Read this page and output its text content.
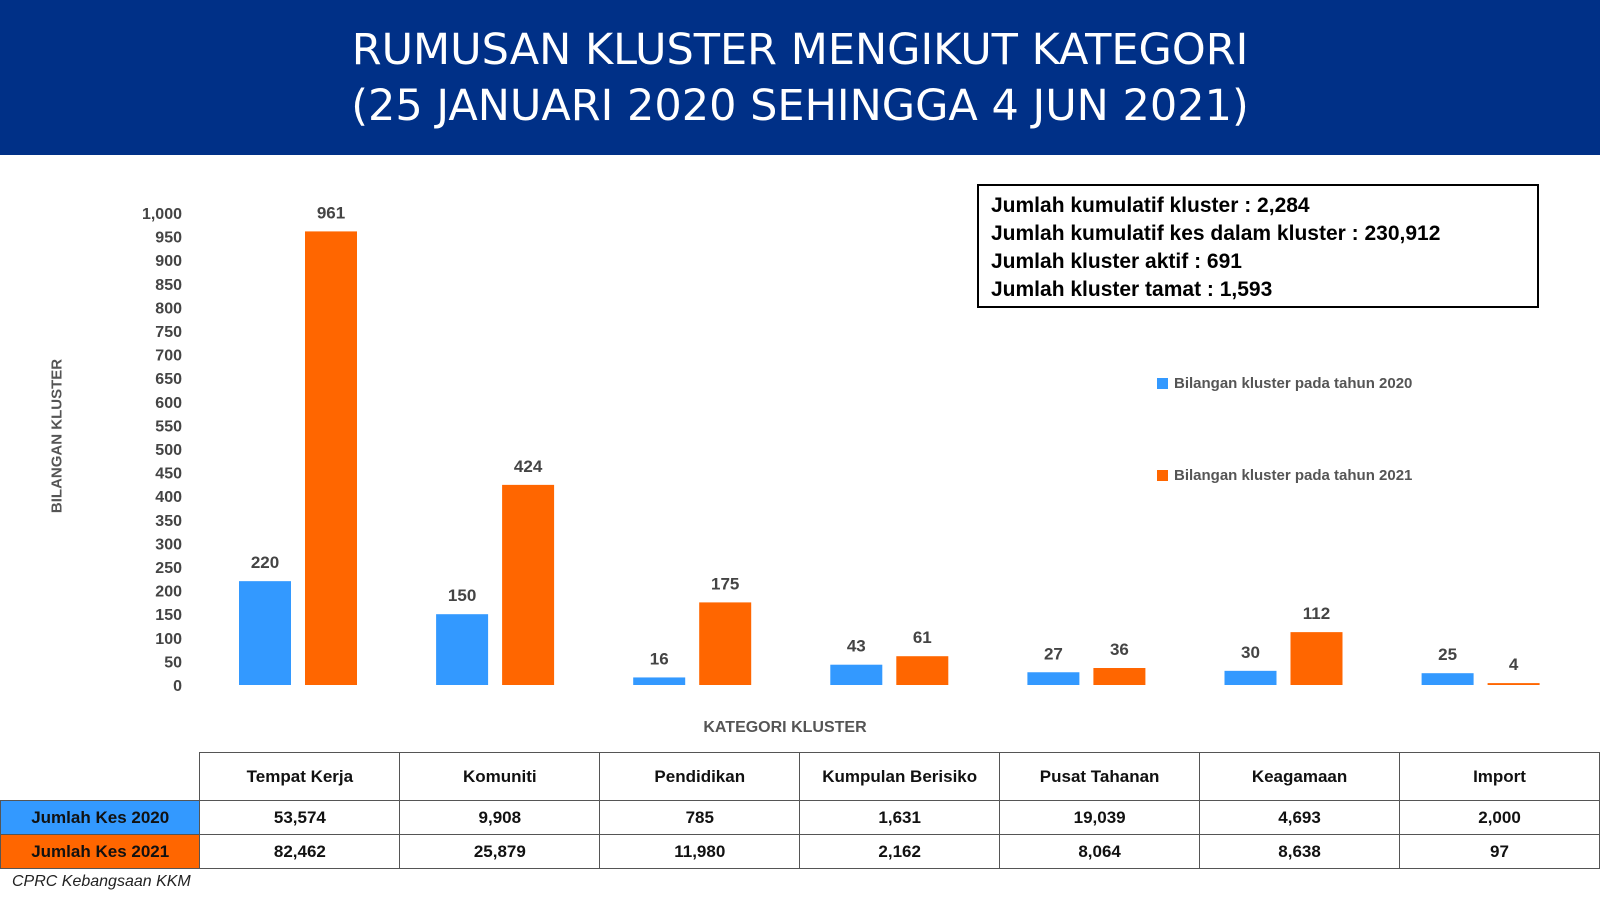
RUMUSAN KLUSTER MENGIKUT KATEGORI
(25 JANUARI 2020 SEHINGGA 4 JUN 2021)
0
50
100
150
200
250
300
350
400
450
500
550
600
650
700
750
800
850
900
950
1,000
220
961
150
424
16
175
43	61
27	36	30
112
25
4
BILANGAN KLUSTER
KATEGORI KLUSTER
Jumlah kumulatif kluster : 2,284
Jumlah kumulatif kes dalam kluster : 230,912
Jumlah kluster aktif : 691
Jumlah kluster tamat : 1,593
Bilangan kluster pada tahun 2020
Bilangan kluster pada tahun 2021
	Tempat Kerja	Komuniti	Pendidikan	Kumpulan Berisiko	Pusat Tahanan	Keagamaan	Import
Jumlah Kes 2020	53,574	9,908	785	1,631	19,039	4,693	2,000
Jumlah Kes 2021	82,462	25,879	11,980	2,162	8,064	8,638	97
CPRC Kebangsaan KKM
